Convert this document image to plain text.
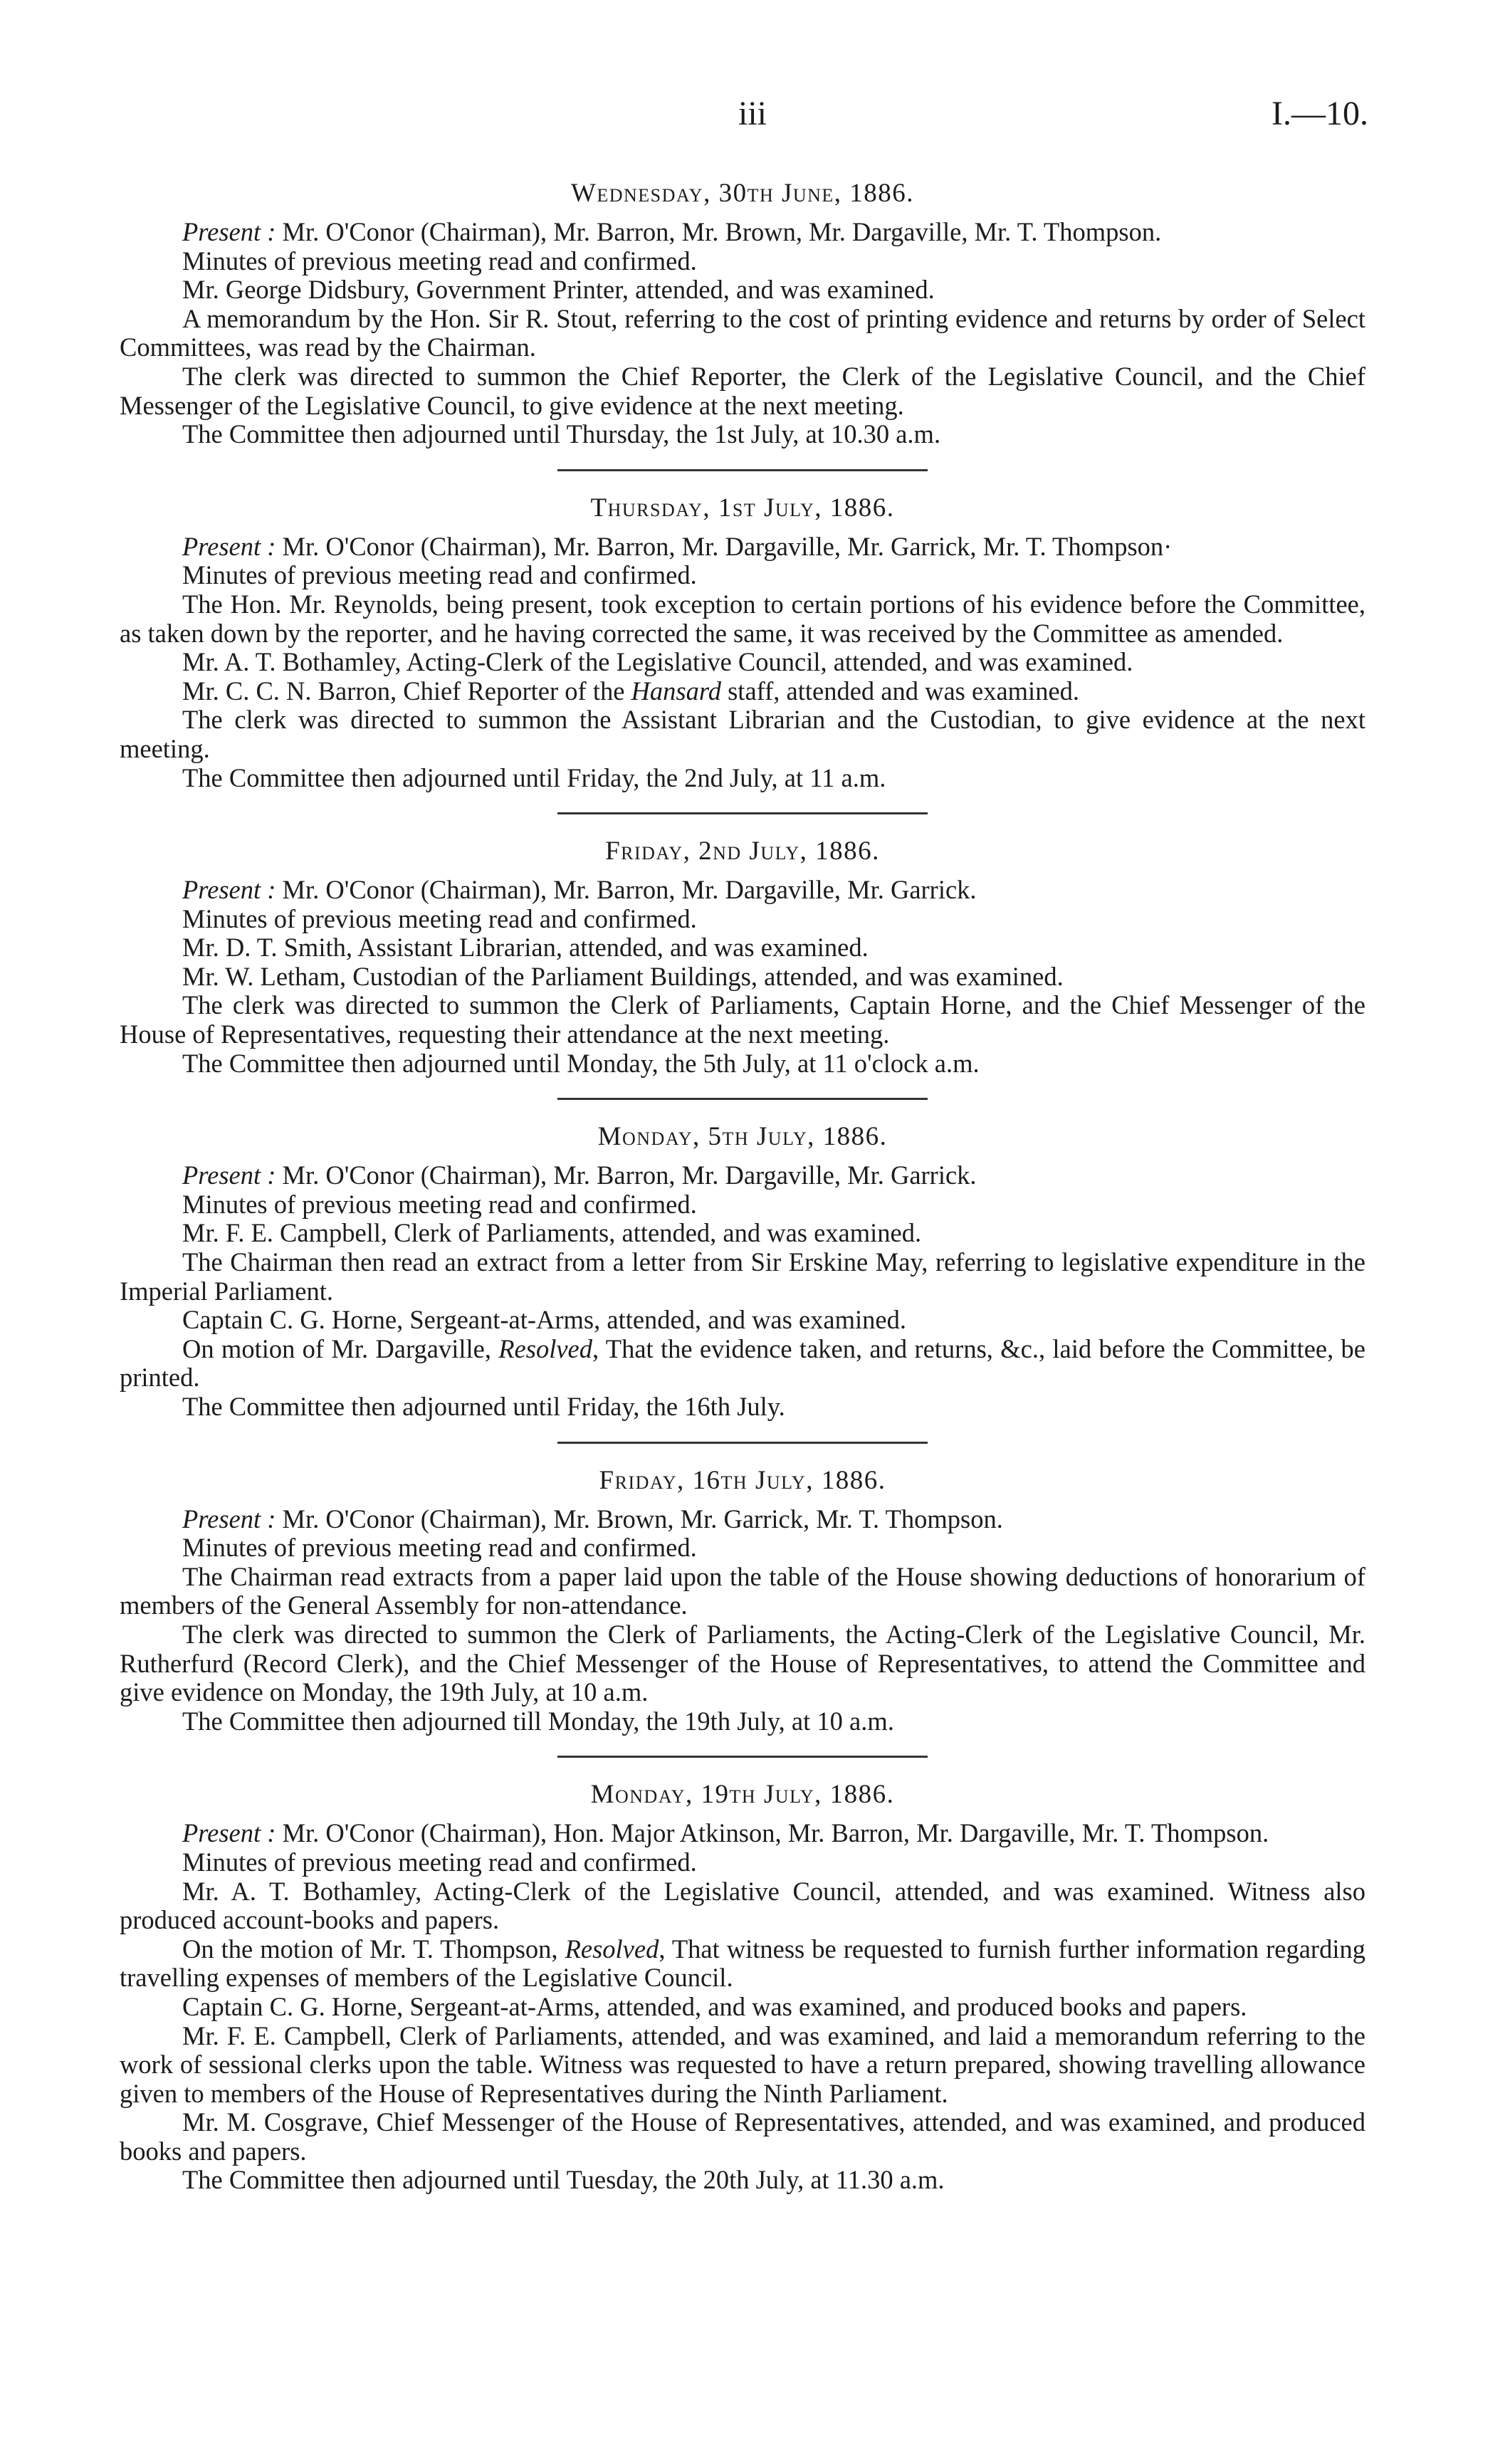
iii	I.—10.
Wednesday, 30th June, 1886.

Present : Mr. O'Conor (Chairman), Mr. Barron, Mr. Brown, Mr. Dargaville, Mr. T. Thompson.

Minutes of previous meeting read and confirmed.

Mr. George Didsbury, Government Printer, attended, and was examined.

A memorandum by the Hon. Sir R. Stout, referring to the cost of printing evidence and returns by order of Select Committees, was read by the Chairman.

The clerk was directed to summon the Chief Reporter, the Clerk of the Legislative Council, and the Chief Messenger of the Legislative Council, to give evidence at the next meeting.

The Committee then adjourned until Thursday, the 1st July, at 10.30 a.m.

Thursday, 1st July, 1886.

Present : Mr. O'Conor (Chairman), Mr. Barron, Mr. Dargaville, Mr. Garrick, Mr. T. Thompson·

Minutes of previous meeting read and confirmed.

The Hon. Mr. Reynolds, being present, took exception to certain portions of his evidence before the Committee, as taken down by the reporter, and he having corrected the same, it was received by the Committee as amended.

Mr. A. T. Bothamley, Acting-Clerk of the Legislative Council, attended, and was examined.

Mr. C. C. N. Barron, Chief Reporter of the Hansard staff, attended and was examined.

The clerk was directed to summon the Assistant Librarian and the Custodian, to give evidence at the next meeting.

The Committee then adjourned until Friday, the 2nd July, at 11 a.m.

Friday, 2nd July, 1886.

Present : Mr. O'Conor (Chairman), Mr. Barron, Mr. Dargaville, Mr. Garrick.

Minutes of previous meeting read and confirmed.

Mr. D. T. Smith, Assistant Librarian, attended, and was examined.

Mr. W. Letham, Custodian of the Parliament Buildings, attended, and was examined.

The clerk was directed to summon the Clerk of Parliaments, Captain Horne, and the Chief Messenger of the House of Representatives, requesting their attendance at the next meeting.

The Committee then adjourned until Monday, the 5th July, at 11 o'clock a.m.

Monday, 5th July, 1886.

Present : Mr. O'Conor (Chairman), Mr. Barron, Mr. Dargaville, Mr. Garrick.

Minutes of previous meeting read and confirmed.

Mr. F. E. Campbell, Clerk of Parliaments, attended, and was examined.

The Chairman then read an extract from a letter from Sir Erskine May, referring to legislative expenditure in the Imperial Parliament.

Captain C. G. Horne, Sergeant-at-Arms, attended, and was examined.

On motion of Mr. Dargaville, Resolved, That the evidence taken, and returns, &c., laid before the Committee, be printed.

The Committee then adjourned until Friday, the 16th July.

Friday, 16th July, 1886.

Present : Mr. O'Conor (Chairman), Mr. Brown, Mr. Garrick, Mr. T. Thompson.

Minutes of previous meeting read and confirmed.

The Chairman read extracts from a paper laid upon the table of the House showing deductions of honorarium of members of the General Assembly for non-attendance.

The clerk was directed to summon the Clerk of Parliaments, the Acting-Clerk of the Legislative Council, Mr. Rutherfurd (Record Clerk), and the Chief Messenger of the House of Representatives, to attend the Committee and give evidence on Monday, the 19th July, at 10 a.m.

The Committee then adjourned till Monday, the 19th July, at 10 a.m.

Monday, 19th July, 1886.

Present : Mr. O'Conor (Chairman), Hon. Major Atkinson, Mr. Barron, Mr. Dargaville, Mr. T. Thompson.

Minutes of previous meeting read and confirmed.

Mr. A. T. Bothamley, Acting-Clerk of the Legislative Council, attended, and was examined. Witness also produced account-books and papers.

On the motion of Mr. T. Thompson, Resolved, That witness be requested to furnish further information regarding travelling expenses of members of the Legislative Council.

Captain C. G. Horne, Sergeant-at-Arms, attended, and was examined, and produced books and papers.

Mr. F. E. Campbell, Clerk of Parliaments, attended, and was examined, and laid a memorandum referring to the work of sessional clerks upon the table. Witness was requested to have a return prepared, showing travelling allowance given to members of the House of Representatives during the Ninth Parliament.

Mr. M. Cosgrave, Chief Messenger of the House of Representatives, attended, and was examined, and produced books and papers.

The Committee then adjourned until Tuesday, the 20th July, at 11.30 a.m.
